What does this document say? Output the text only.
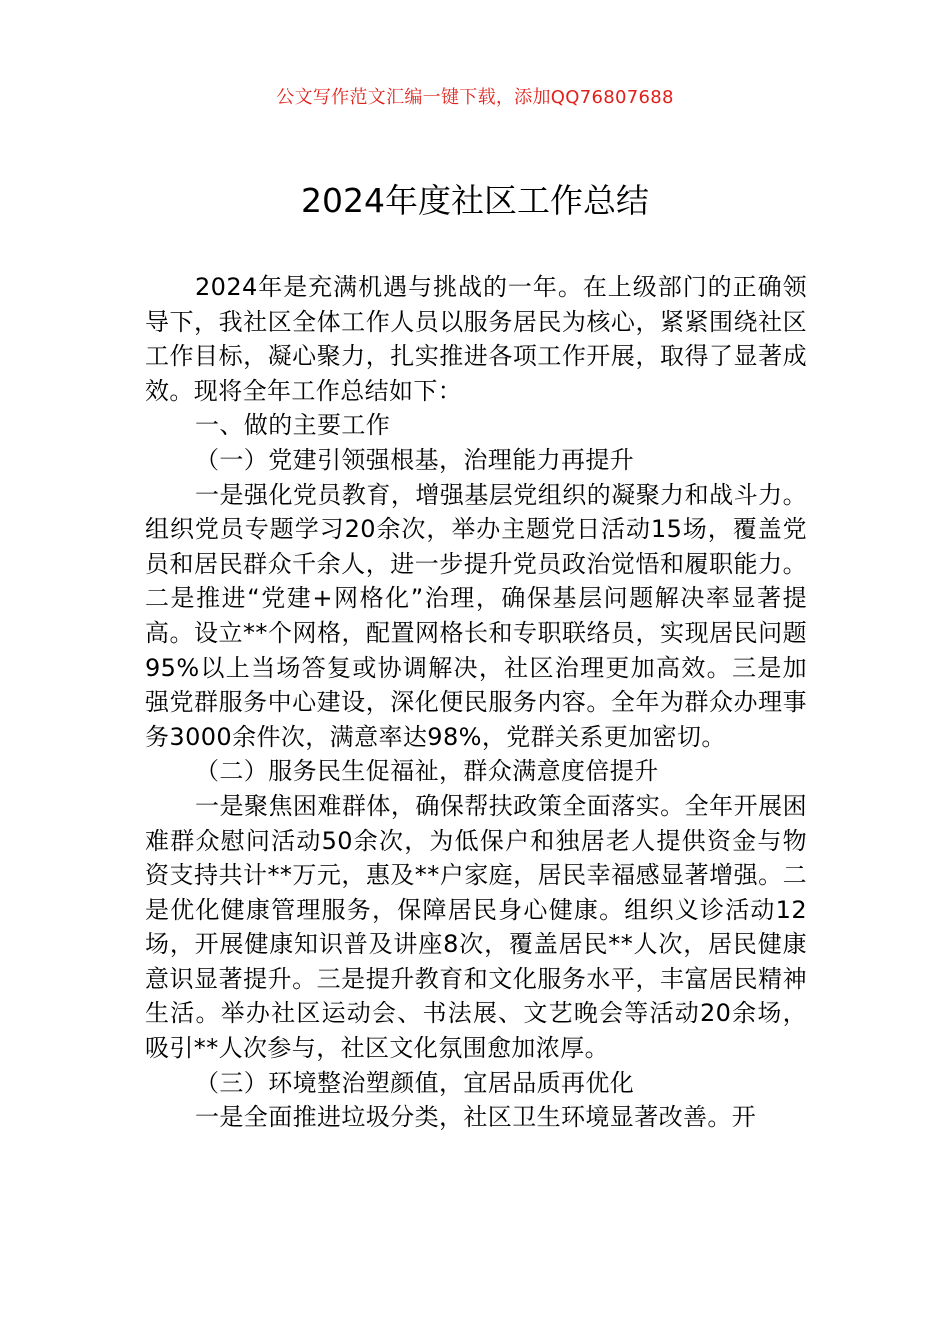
公文写作范文汇编一键下载，添加QQ76807688
2024年度社区工作总结

2024年是充满机遇与挑战的一年。在上级部门的正确领导下，我社区全体工作人员以服务居民为核心，紧紧围绕社区工作目标，凝心聚力，扎实推进各项工作开展，取得了显著成效。现将全年工作总结如下：

一、做的主要工作

（一）党建引领强根基，治理能力再提升

一是强化党员教育，增强基层党组织的凝聚力和战斗力。组织党员专题学习20余次，举办主题党日活动15场，覆盖党员和居民群众千余人，进一步提升党员政治觉悟和履职能力。二是推进“党建+网格化”治理，确保基层问题解决率显著提高。设立**个网格，配置网格长和专职联络员，实现居民问题95%以上当场答复或协调解决，社区治理更加高效。三是加强党群服务中心建设，深化便民服务内容。全年为群众办理事务3000余件次，满意率达98%，党群关系更加密切。

（二）服务民生促福祉，群众满意度倍提升

一是聚焦困难群体，确保帮扶政策全面落实。全年开展困难群众慰问活动50余次，为低保户和独居老人提供资金与物资支持共计**万元，惠及**户家庭，居民幸福感显著增强。二是优化健康管理服务，保障居民身心健康。组织义诊活动12场，开展健康知识普及讲座8次，覆盖居民**人次，居民健康意识显著提升。三是提升教育和文化服务水平，丰富居民精神生活。举办社区运动会、书法展、文艺晚会等活动20余场，吸引**人次参与，社区文化氛围愈加浓厚。

（三）环境整治塑颜值，宜居品质再优化

一是全面推进垃圾分类，社区卫生环境显著改善。开
